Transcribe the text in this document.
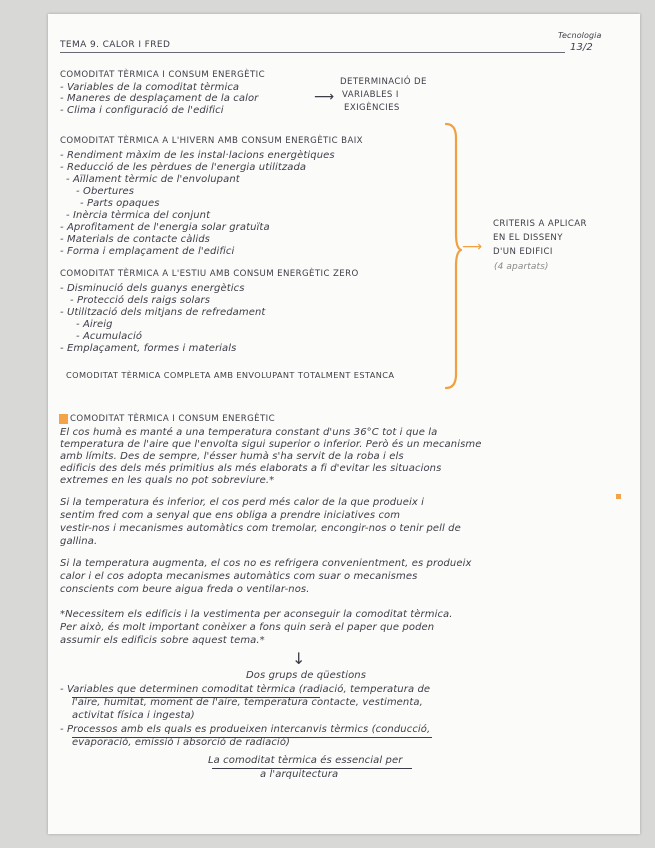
TEMA 9. CALOR I FRED
Tecnologia
13/2
COMODITAT TÈRMICA I CONSUM ENERGÈTIC
- Variables de la comoditat tèrmica
- Maneres de desplaçament de la calor
- Clima i configuració de l'edifici
⟶
DETERMINACIÓ DE
VARIABLES I
EXIGÈNCIES
COMODITAT TÈRMICA A L'HIVERN AMB CONSUM ENERGÈTIC BAIX
- Rendiment màxim de les instal·lacions energètiques
- Reducció de les pèrdues de l'energia utilitzada
- Aïllament tèrmic de l'envolupant
- Obertures
- Parts opaques
- Inèrcia tèrmica del conjunt
- Aprofitament de l'energia solar gratuïta
- Materials de contacte càlids
- Forma i emplaçament de l'edifici
COMODITAT TÈRMICA A L'ESTIU AMB CONSUM ENERGÈTIC ZERO
- Disminució dels guanys energètics
- Protecció dels raigs solars
- Utilització dels mitjans de refredament
- Aireig
- Acumulació
- Emplaçament, formes i materials
COMODITAT TÈRMICA COMPLETA AMB ENVOLUPANT TOTALMENT ESTANCA
⟶
CRITERIS A APLICAR
EN EL DISSENY
D'UN EDIFICI
(4 apartats)
COMODITAT TÈRMICA I CONSUM ENERGÈTIC
El cos humà es manté a una temperatura constant d'uns 36°C tot i que la
temperatura de l'aire que l'envolta sigui superior o inferior. Però és un mecanisme
amb límits. Des de sempre, l'ésser humà s'ha servit de la roba i els
edificis des dels més primitius als més elaborats a fi d'evitar les situacions
extremes en les quals no pot sobreviure.*
Si la temperatura és inferior, el cos perd més calor de la que produeix i
sentim fred com a senyal que ens obliga a prendre iniciatives com
vestir-nos i mecanismes automàtics com tremolar, encongir-nos o tenir pell de
gallina.
Si la temperatura augmenta, el cos no es refrigera convenientment, es produeix
calor i el cos adopta mecanismes automàtics com suar o mecanismes
conscients com beure aigua freda o ventilar-nos.
*Necessitem els edificis i la vestimenta per aconseguir la comoditat tèrmica.
Per això, és molt important conèixer a fons quin serà el paper que poden
assumir els edificis sobre aquest tema.*
↓
Dos grups de qüestions
- Variables que determinen comoditat tèrmica (radiació, temperatura de
l'aire, humitat, moment de l'aire, temperatura contacte, vestimenta,
activitat física i ingesta)
- Processos amb els quals es produeixen intercanvis tèrmics (conducció,
evaporació, emissió i absorció de radiació)
La comoditat tèrmica és essencial per
a l'arquitectura
